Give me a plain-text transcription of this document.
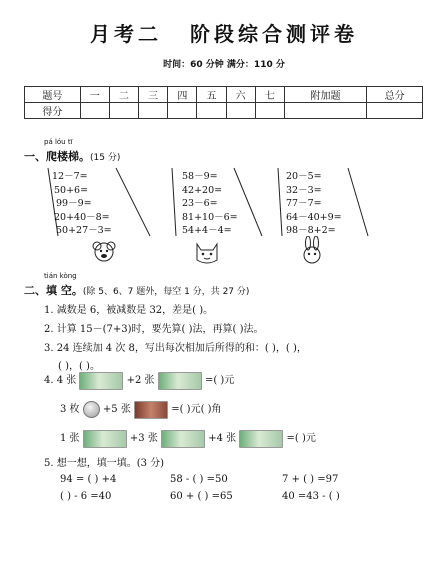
月考二 阶段综合测评卷
时间：60 分钟 满分：110 分
题号	一	二	三	四	五	六	七	附加题	总分
得分									
pá lóu tī
一、爬楼梯。(15 分)
12－7=
50+6=
99－9=
20+40－8=
50+27－3=
58－9=
42+20=
23－6=
81+10－6=
54+4－4=
20－5=
32－3=
77－7=
64－40+9=
98－8+2=
tián kòng
二、填 空。(除 5、6、7 题外，每空 1 分，共 27 分)
1. 减数是 6，被减数是 32，差是( )。
2. 计算 15－(7+3)时，要先算( )法，再算( )法。
3. 24 连续加 4 次 8，写出每次相加后所得的和：( )，( )，
( )，( )。
4. 4 张	+2 张	=( )元
3 枚 +5 张	=( )元( )角
1 张	+3 张	+4 张	=( )元
5. 想一想，填一填。(3 分)
94 = ( ) +4	58 - ( ) =50	7 + ( ) =97
( ) - 6 =40	60 + ( ) =65	40 =43 - ( )
